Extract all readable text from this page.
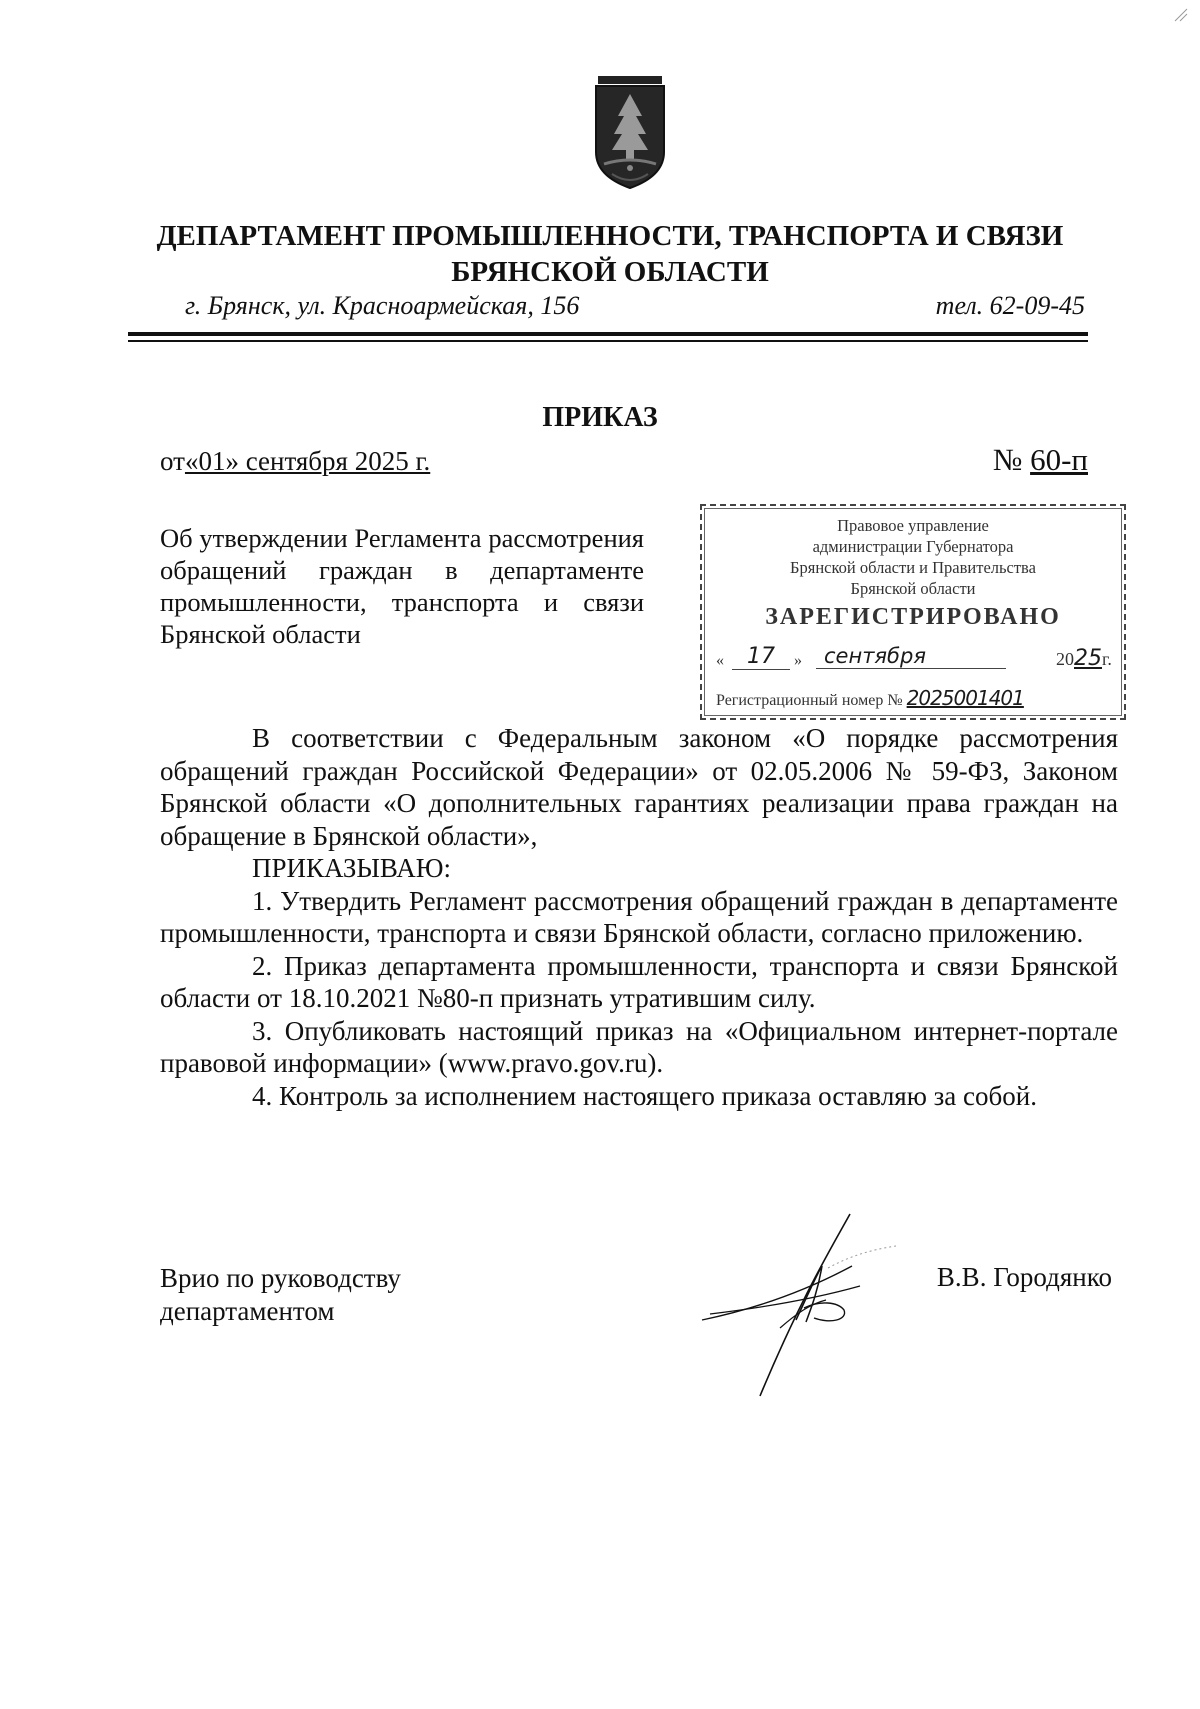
ДЕПАРТАМЕНТ ПРОМЫШЛЕННОСТИ, ТРАНСПОРТА И СВЯЗИ
БРЯНСКОЙ ОБЛАСТИ
г. Брянск, ул. Красноармейская, 156	тел. 62-09-45
ПРИКАЗ
от«01» сентября 2025 г.	№ 60-п
Об утверждении Регламента рассмотрения обращений граждан в департаменте промышленности, транспорта и связи Брянской области
Правовое управление
администрации Губернатора
Брянской области и Правительства
Брянской области
ЗАРЕГИСТРИРОВАНО
«	17	»	сентября	2025г.
Регистрационный номер № 2025001401

В соответствии с Федеральным законом «О порядке рассмотрения обращений граждан Российской Федерации» от 02.05.2006 № 59-ФЗ, Законом Брянской области «О дополнительных гарантиях реализации права граждан на обращение в Брянской области»,

ПРИКАЗЫВАЮ:

1. Утвердить Регламент рассмотрения обращений граждан в департаменте промышленности, транспорта и связи Брянской области, согласно приложению.

2. Приказ департамента промышленности, транспорта и связи Брянской области от 18.10.2021 №80-п признать утратившим силу.

3. Опубликовать настоящий приказ на «Официальном интернет-портале правовой информации» (www.pravo.gov.ru).

4. Контроль за исполнением настоящего приказа оставляю за собой.

Врио по руководству
департаментом
В.В. Городянко
